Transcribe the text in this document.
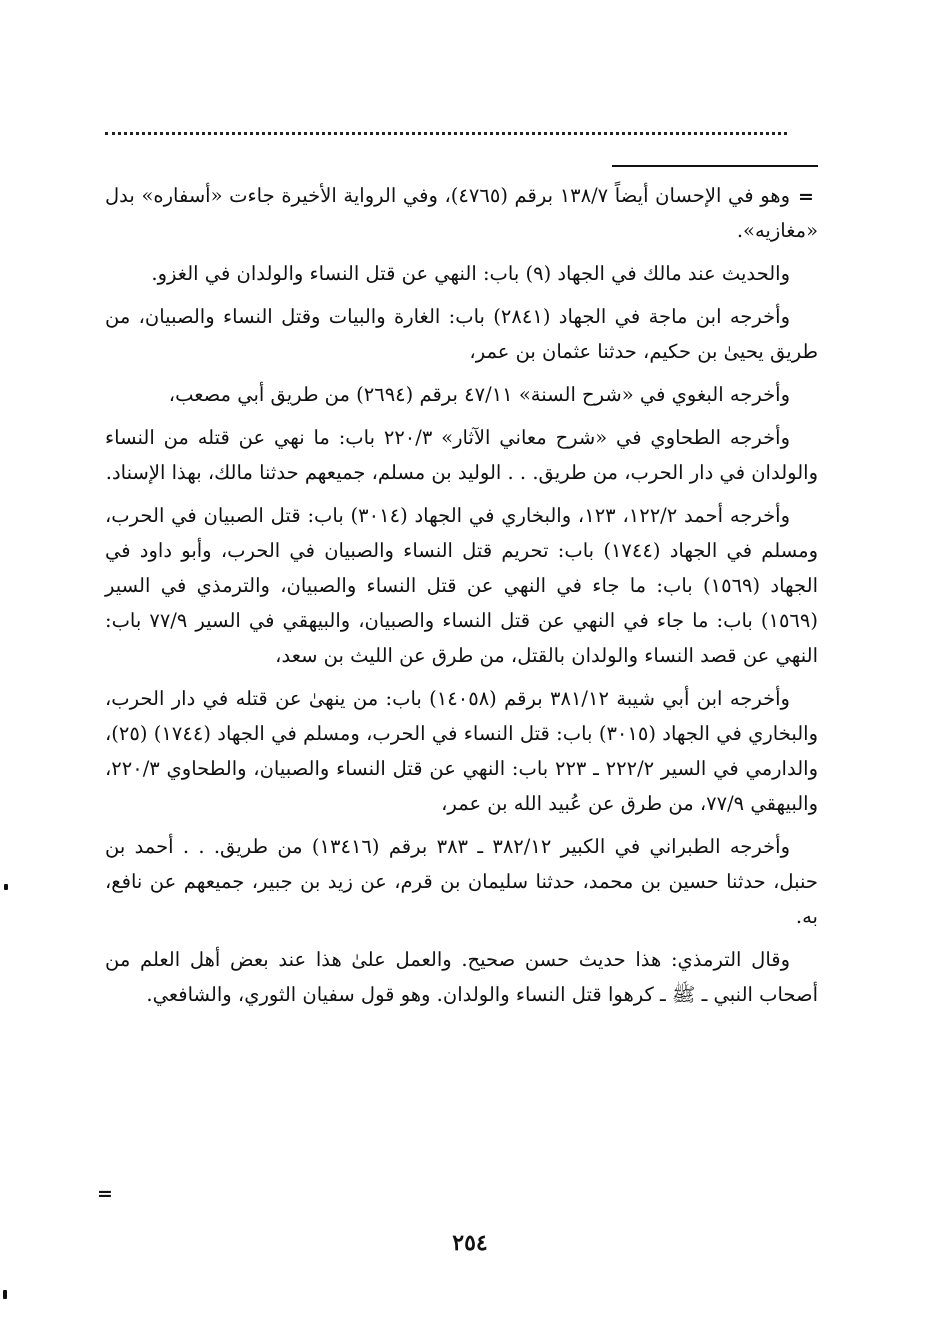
=

وهو في الإحسان أيضاً ١٣٨/٧ برقم (٤٧٦٥)، وفي الرواية الأخيرة جاءت «أسفاره» بدل «مغازيه».

والحديث عند مالك في الجهاد (٩) باب: النهي عن قتل النساء والولدان في الغزو.

وأخرجه ابن ماجة في الجهاد (٢٨٤١) باب: الغارة والبيات وقتل النساء والصبيان، من طريق يحيىٰ بن حكيم، حدثنا عثمان بن عمر،

وأخرجه البغوي في «شرح السنة» ٤٧/١١ برقم (٢٦٩٤) من طريق أبي مصعب،

وأخرجه الطحاوي في «شرح معاني الآثار» ٢٢٠/٣ باب: ما نهي عن قتله من النساء والولدان في دار الحرب، من طريق. . . الوليد بن مسلم، جميعهم حدثنا مالك، بهذا الإسناد.

وأخرجه أحمد ١٢٢/٢، ١٢٣، والبخاري في الجهاد (٣٠١٤) باب: قتل الصبيان في الحرب، ومسلم في الجهاد (١٧٤٤) باب: تحريم قتل النساء والصبيان في الحرب، وأبو داود في الجهاد (١٥٦٩) باب: ما جاء في النهي عن قتل النساء والصبيان، والترمذي في السير (١٥٦٩) باب: ما جاء في النهي عن قتل النساء والصبيان، والبيهقي في السير ٧٧/٩ باب: النهي عن قصد النساء والولدان بالقتل، من طرق عن الليث بن سعد،

وأخرجه ابن أبي شيبة ٣٨١/١٢ برقم (١٤٠٥٨) باب: من ينهىٰ عن قتله في دار الحرب، والبخاري في الجهاد (٣٠١٥) باب: قتل النساء في الحرب، ومسلم في الجهاد (١٧٤٤) (٢٥)، والدارمي في السير ٢٢٢/٢ ـ ٢٢٣ باب: النهي عن قتل النساء والصبيان، والطحاوي ٢٢٠/٣، والبيهقي ٧٧/٩، من طرق عن عُبيد الله بن عمر،

وأخرجه الطبراني في الكبير ٣٨٢/١٢ ـ ٣٨٣ برقم (١٣٤١٦) من طريق. . . أحمد بن حنبل، حدثنا حسين بن محمد، حدثنا سليمان بن قرم، عن زيد بن جبير، جميعهم عن نافع، به.

وقال الترمذي: هذا حديث حسن صحيح. والعمل علىٰ هذا عند بعض أهل العلم من أصحاب النبي ـ ﷺ ـ كرهوا قتل النساء والولدان. وهو قول سفيان الثوري، والشافعي.

=
٢٥٤
